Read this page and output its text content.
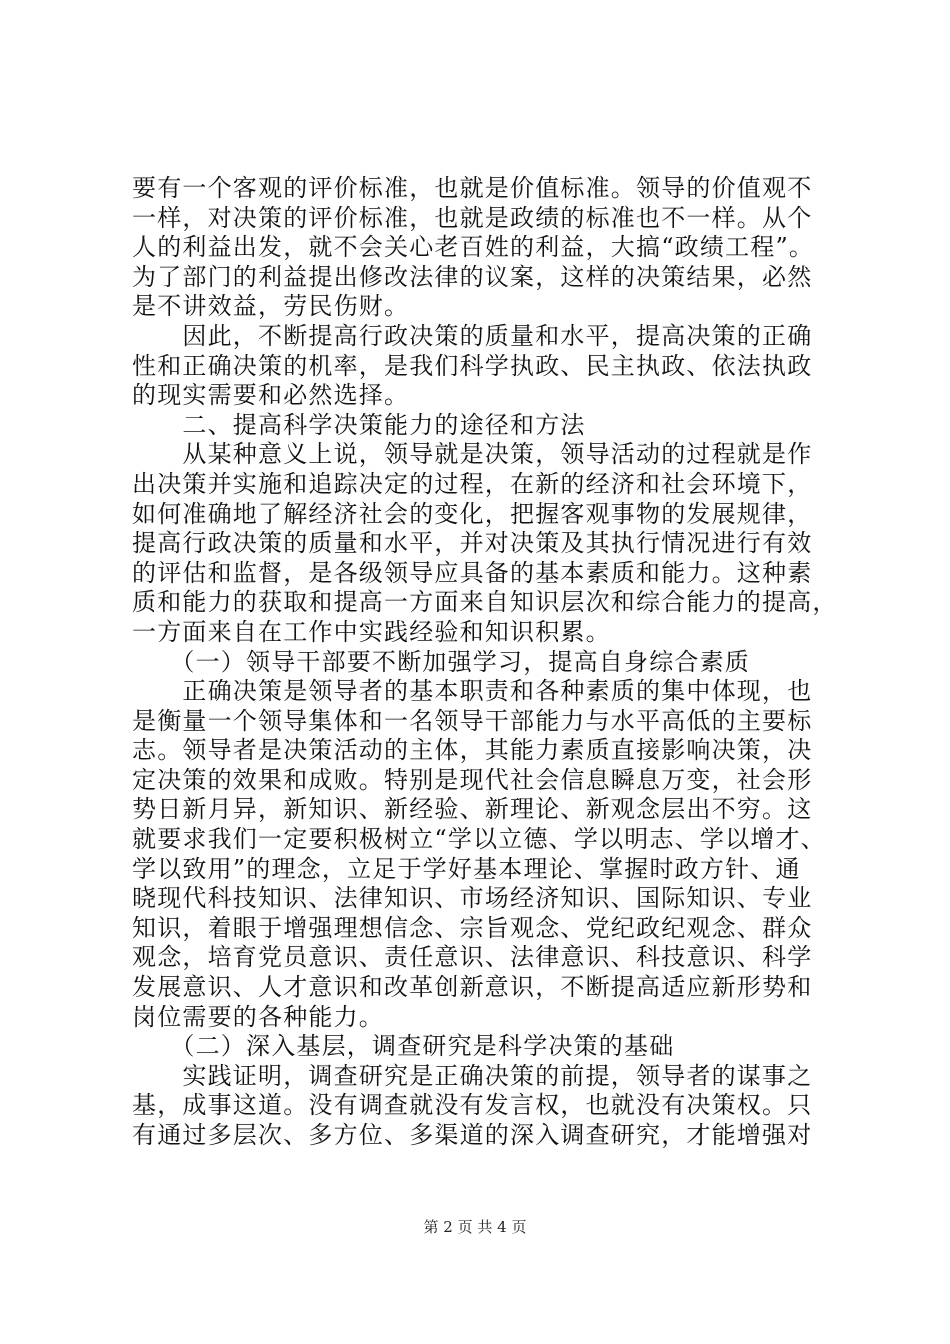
要有一个客观的评价标准，也就是价值标准。领导的价值观不
一样，对决策的评价标准，也就是政绩的标准也不一样。从个
人的利益出发，就不会关心老百姓的利益，大搞“政绩工程”。
为了部门的利益提出修改法律的议案，这样的决策结果，必然
是不讲效益，劳民伤财。
　　因此，不断提高行政决策的质量和水平，提高决策的正确
性和正确决策的机率，是我们科学执政、民主执政、依法执政
的现实需要和必然选择。
　　二、提高科学决策能力的途径和方法
　　从某种意义上说，领导就是决策，领导活动的过程就是作
出决策并实施和追踪决定的过程，在新的经济和社会环境下，
如何准确地了解经济社会的变化，把握客观事物的发展规律，
提高行政决策的质量和水平，并对决策及其执行情况进行有效
的评估和监督，是各级领导应具备的基本素质和能力。这种素
质和能力的获取和提高一方面来自知识层次和综合能力的提高，
一方面来自在工作中实践经验和知识积累。
　　（一）领导干部要不断加强学习，提高自身综合素质
　　正确决策是领导者的基本职责和各种素质的集中体现，也
是衡量一个领导集体和一名领导干部能力与水平高低的主要标
志。领导者是决策活动的主体，其能力素质直接影响决策，决
定决策的效果和成败。特别是现代社会信息瞬息万变，社会形
势日新月异，新知识、新经验、新理论、新观念层出不穷。这
就要求我们一定要积极树立“学以立德、学以明志、学以增才、
学以致用”的理念，立足于学好基本理论、掌握时政方针、通
晓现代科技知识、法律知识、市场经济知识、国际知识、专业
知识，着眼于增强理想信念、宗旨观念、党纪政纪观念、群众
观念，培育党员意识、责任意识、法律意识、科技意识、科学
发展意识、人才意识和改革创新意识，不断提高适应新形势和
岗位需要的各种能力。
　　（二）深入基层，调查研究是科学决策的基础
　　实践证明，调查研究是正确决策的前提，领导者的谋事之
基，成事这道。没有调查就没有发言权，也就没有决策权。只
有通过多层次、多方位、多渠道的深入调查研究，才能增强对
第 2 页 共 4 页
